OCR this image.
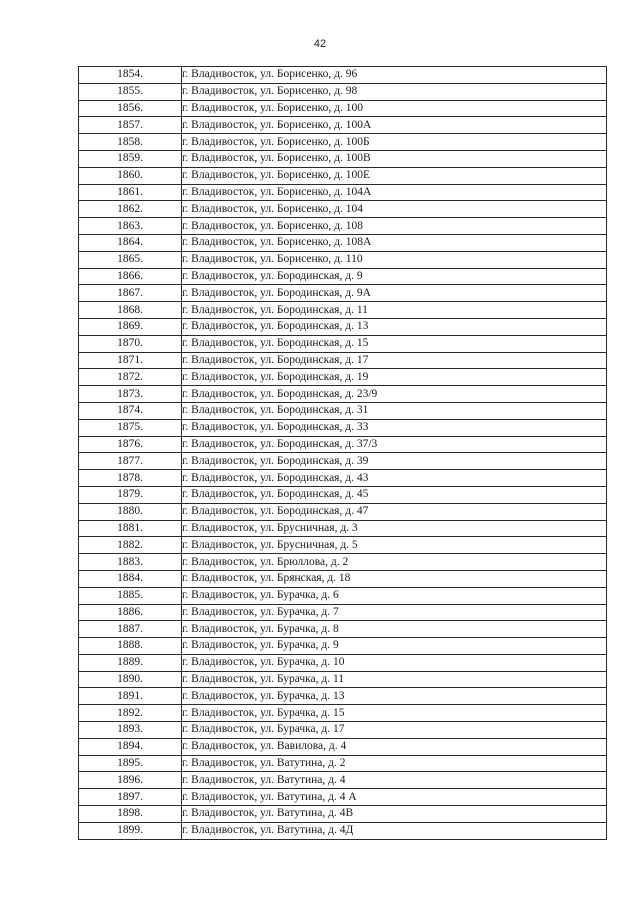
42
1854.	г. Владивосток, ул. Борисенко, д. 96
1855.	г. Владивосток, ул. Борисенко, д. 98
1856.	г. Владивосток, ул. Борисенко, д. 100
1857.	г. Владивосток, ул. Борисенко, д. 100А
1858.	г. Владивосток, ул. Борисенко, д. 100Б
1859.	г. Владивосток, ул. Борисенко, д. 100В
1860.	г. Владивосток, ул. Борисенко, д. 100Е
1861.	г. Владивосток, ул. Борисенко, д. 104А
1862.	г. Владивосток, ул. Борисенко, д. 104
1863.	г. Владивосток, ул. Борисенко, д. 108
1864.	г. Владивосток, ул. Борисенко, д. 108А
1865.	г. Владивосток, ул. Борисенко, д. 110
1866.	г. Владивосток, ул. Бородинская, д. 9
1867.	г. Владивосток, ул. Бородинская, д. 9А
1868.	г. Владивосток, ул. Бородинская, д. 11
1869.	г. Владивосток, ул. Бородинская, д. 13
1870.	г. Владивосток, ул. Бородинская, д. 15
1871.	г. Владивосток, ул. Бородинская, д. 17
1872.	г. Владивосток, ул. Бородинская, д. 19
1873.	г. Владивосток, ул. Бородинская, д. 23/9
1874.	г. Владивосток, ул. Бородинская, д. 31
1875.	г. Владивосток, ул. Бородинская, д. 33
1876.	г. Владивосток, ул. Бородинская, д. 37/3
1877.	г. Владивосток, ул. Бородинская, д. 39
1878.	г. Владивосток, ул. Бородинская, д. 43
1879.	г. Владивосток, ул. Бородинская, д. 45
1880.	г. Владивосток, ул. Бородинская, д. 47
1881.	г. Владивосток, ул. Брусничная, д. 3
1882.	г. Владивосток, ул. Брусничная, д. 5
1883.	г. Владивосток, ул. Брюллова, д. 2
1884.	г. Владивосток, ул. Брянская, д. 18
1885.	г. Владивосток, ул. Бурачка, д. 6
1886.	г. Владивосток, ул. Бурачка, д. 7
1887.	г. Владивосток, ул. Бурачка, д. 8
1888.	г. Владивосток, ул. Бурачка, д. 9
1889.	г. Владивосток, ул. Бурачка, д. 10
1890.	г. Владивосток, ул. Бурачка, д. 11
1891.	г. Владивосток, ул. Бурачка, д. 13
1892.	г. Владивосток, ул. Бурачка, д. 15
1893.	г. Владивосток, ул. Бурачка, д. 17
1894.	г. Владивосток, ул. Вавилова, д. 4
1895.	г. Владивосток, ул. Ватутина, д. 2
1896.	г. Владивосток, ул. Ватутина, д. 4
1897.	г. Владивосток, ул. Ватутина, д. 4 А
1898.	г. Владивосток, ул. Ватутина, д. 4В
1899.	г. Владивосток, ул. Ватутина, д. 4Д
